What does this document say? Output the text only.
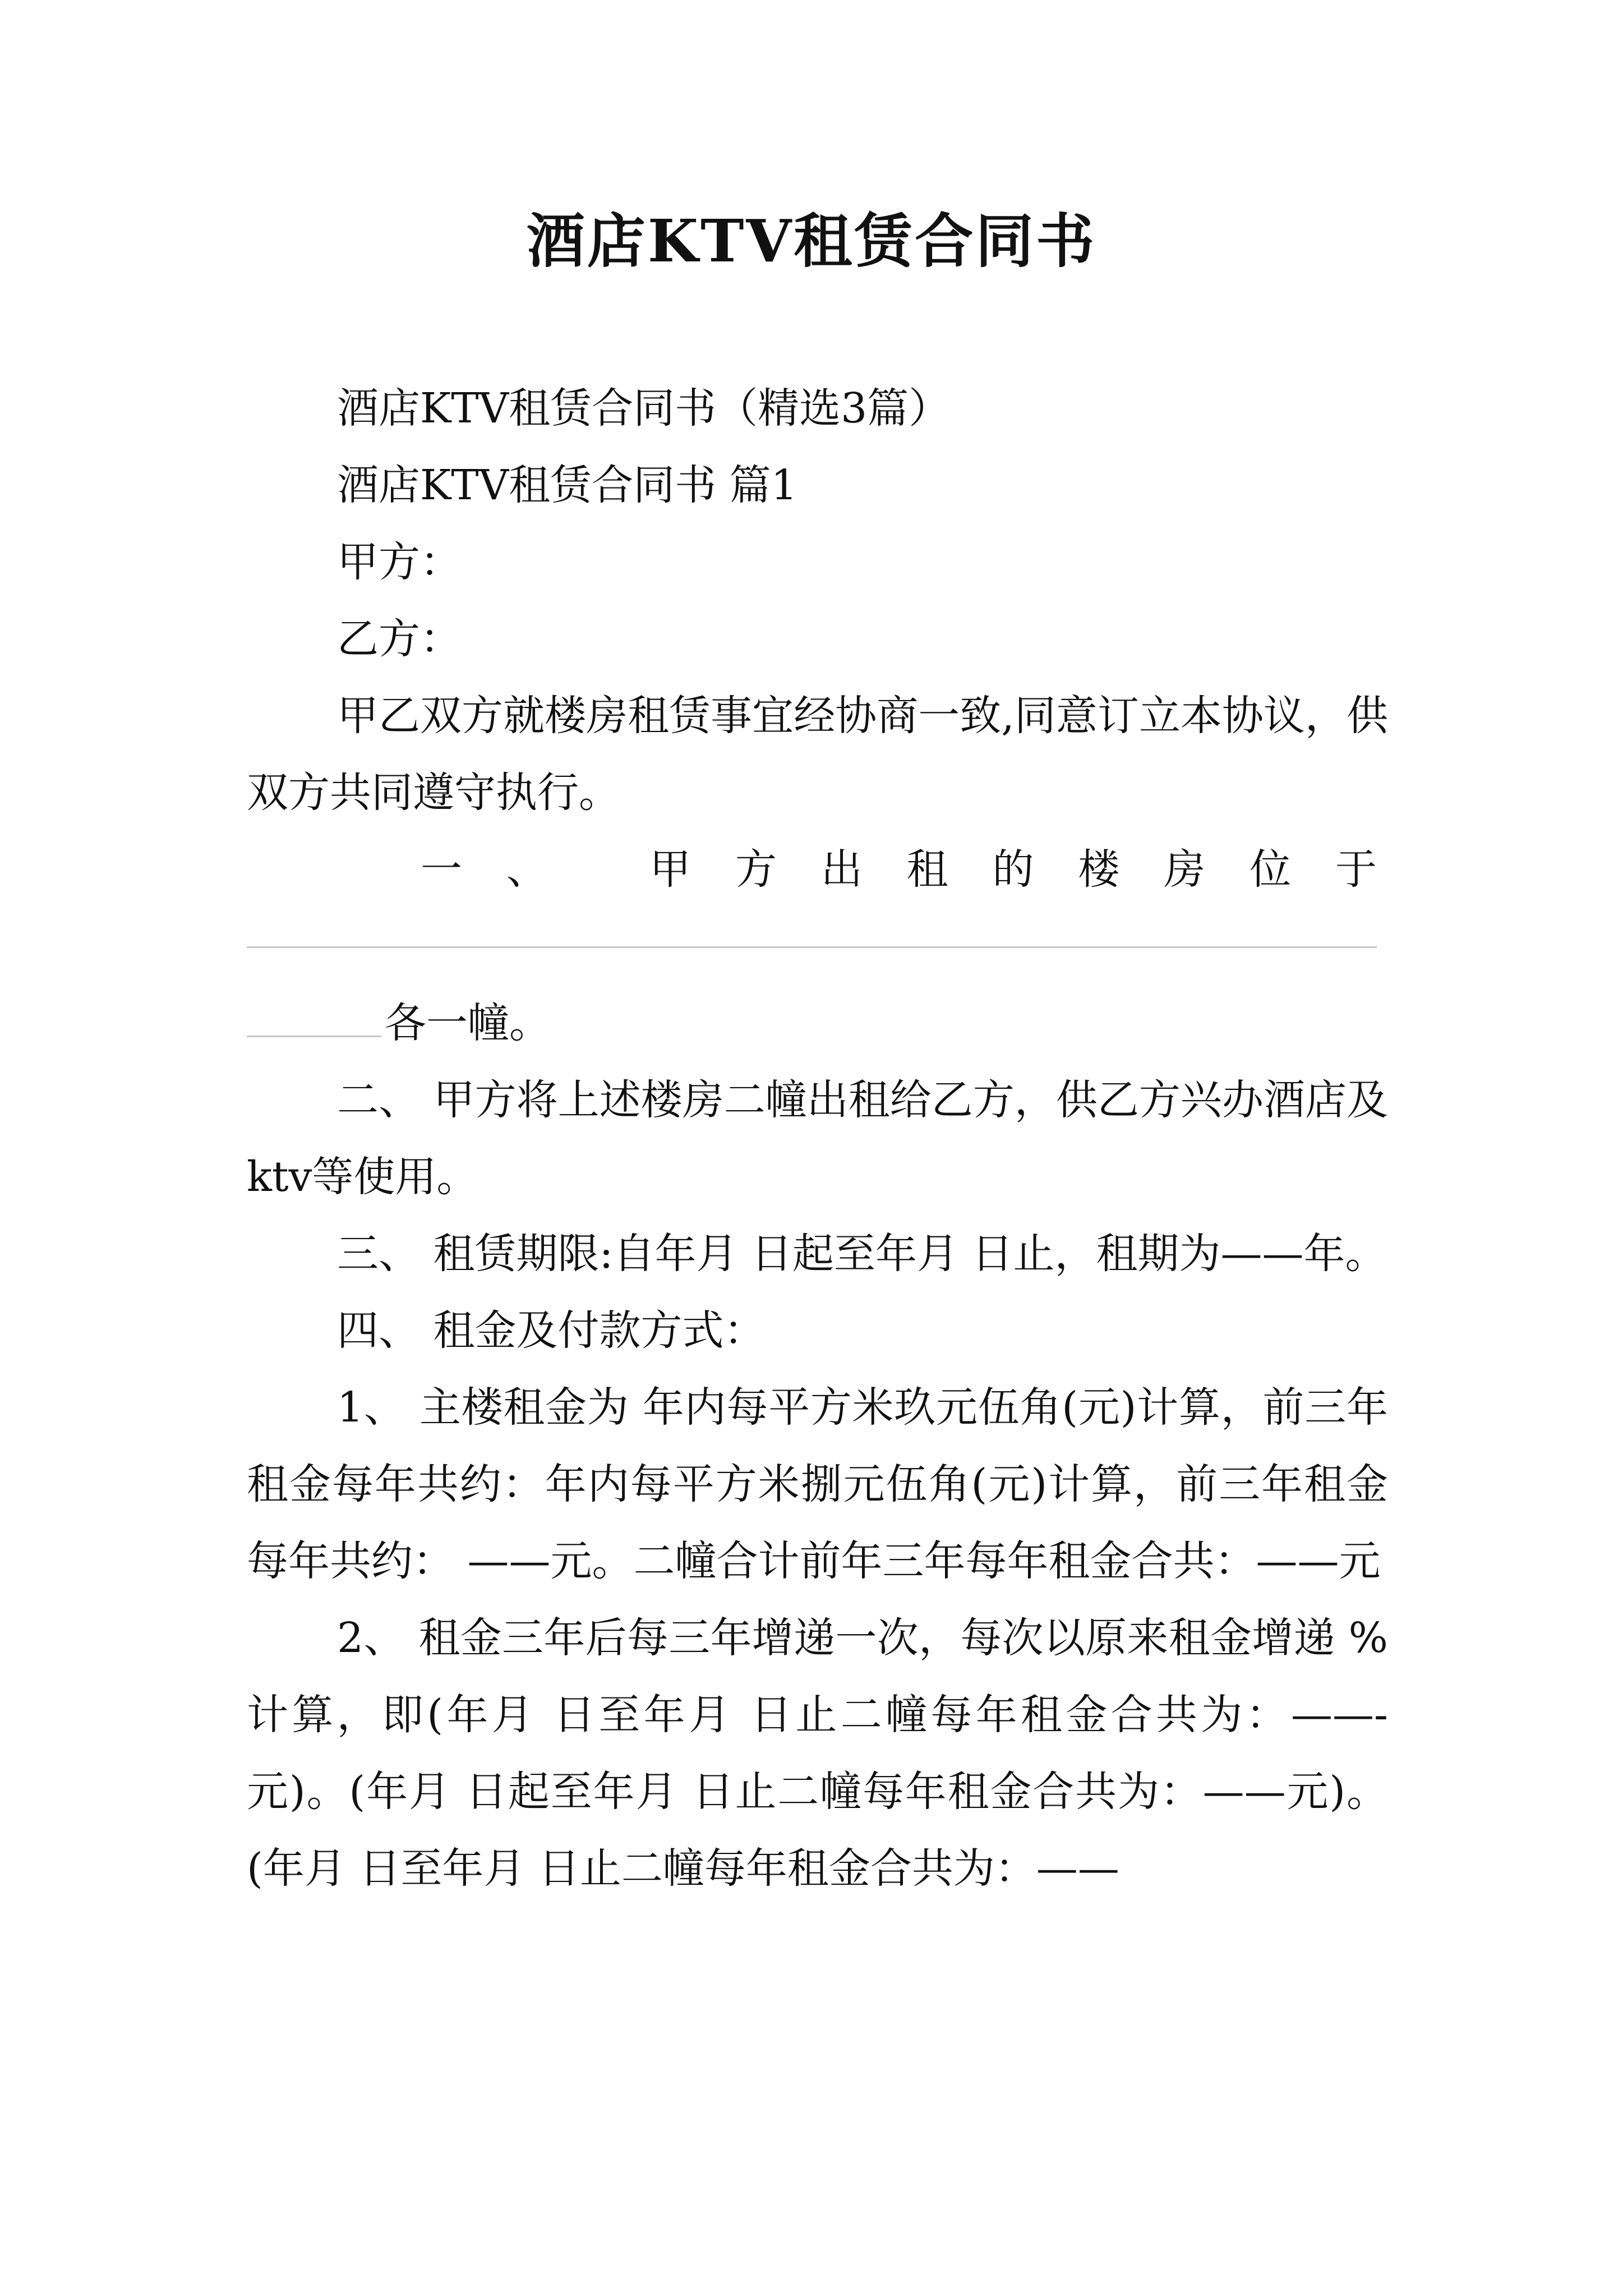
酒店KTV租赁合同书

酒店KTV租赁合同书（精选3篇）

酒店KTV租赁合同书 篇1

甲方：

乙方：

甲乙双方就楼房租赁事宜经协商一致,同意订立本协议，供双方共同遵守执行。

一、 甲方出租的楼房位于

各一幢。

二、 甲方将上述楼房二幢出租给乙方，供乙方兴办酒店及ktv等使用。

三、 租赁期限:自年月 日起至年月 日止，租期为——年。

四、 租金及付款方式：

1、 主楼租金为 年内每平方米玖元伍角(元)计算，前三年租金每年共约：年内每平方米捌元伍角(元)计算，前三年租金每年共约： ——元。二幢合计前年三年每年租金合共：——元

2、 租金三年后每三年增递一次，每次以原来租金增递 %计算，即(年月 日至年月 日止二幢每年租金合共为：——-元)。(年月 日起至年月 日止二幢每年租金合共为：——元)。(年月 日至年月 日止二幢每年租金合共为：——
